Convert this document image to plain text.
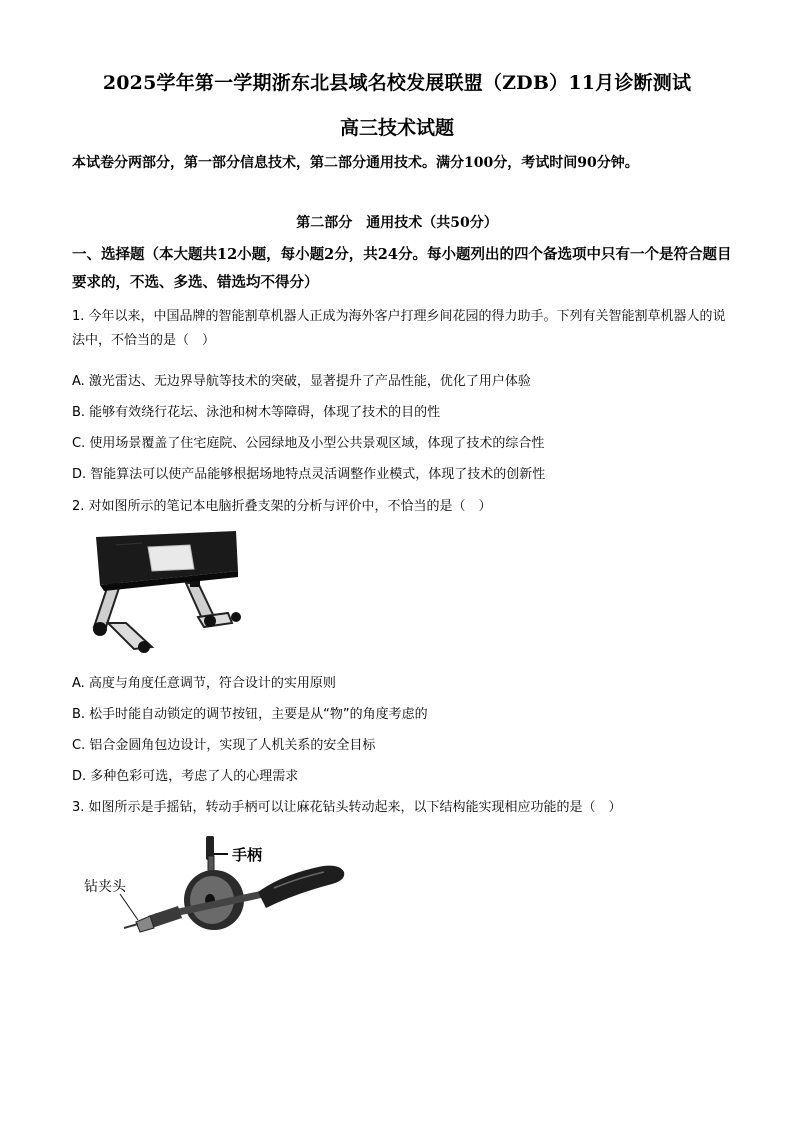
2025学年第一学期浙东北县域名校发展联盟（ZDB）11月诊断测试
高三技术试题
本试卷分两部分，第一部分信息技术，第二部分通用技术。满分100分，考试时间90分钟。
第二部分　通用技术（共50分）
一、选择题（本大题共12小题，每小题2分，共24分。每小题列出的四个备选项中只有一个是符合题目要求的，不选、多选、错选均不得分）
1. 今年以来，中国品牌的智能割草机器人正成为海外客户打理乡间花园的得力助手。下列有关智能割草机器人的说法中，不恰当的是（　）
A. 激光雷达、无边界导航等技术的突破，显著提升了产品性能，优化了用户体验
B. 能够有效绕行花坛、泳池和树木等障碍，体现了技术的目的性
C. 使用场景覆盖了住宅庭院、公园绿地及小型公共景观区域，体现了技术的综合性
D. 智能算法可以使产品能够根据场地特点灵活调整作业模式，体现了技术的创新性
2. 对如图所示的笔记本电脑折叠支架的分析与评价中，不恰当的是（　）
A. 高度与角度任意调节，符合设计的实用原则
B. 松手时能自动锁定的调节按钮，主要是从“物”的角度考虑的
C. 铝合金圆角包边设计，实现了人机关系的安全目标
D. 多种色彩可选，考虑了人的心理需求
3. 如图所示是手摇钻，转动手柄可以让麻花钻头转动起来，以下结构能实现相应功能的是（　）
手柄
钻夹头
